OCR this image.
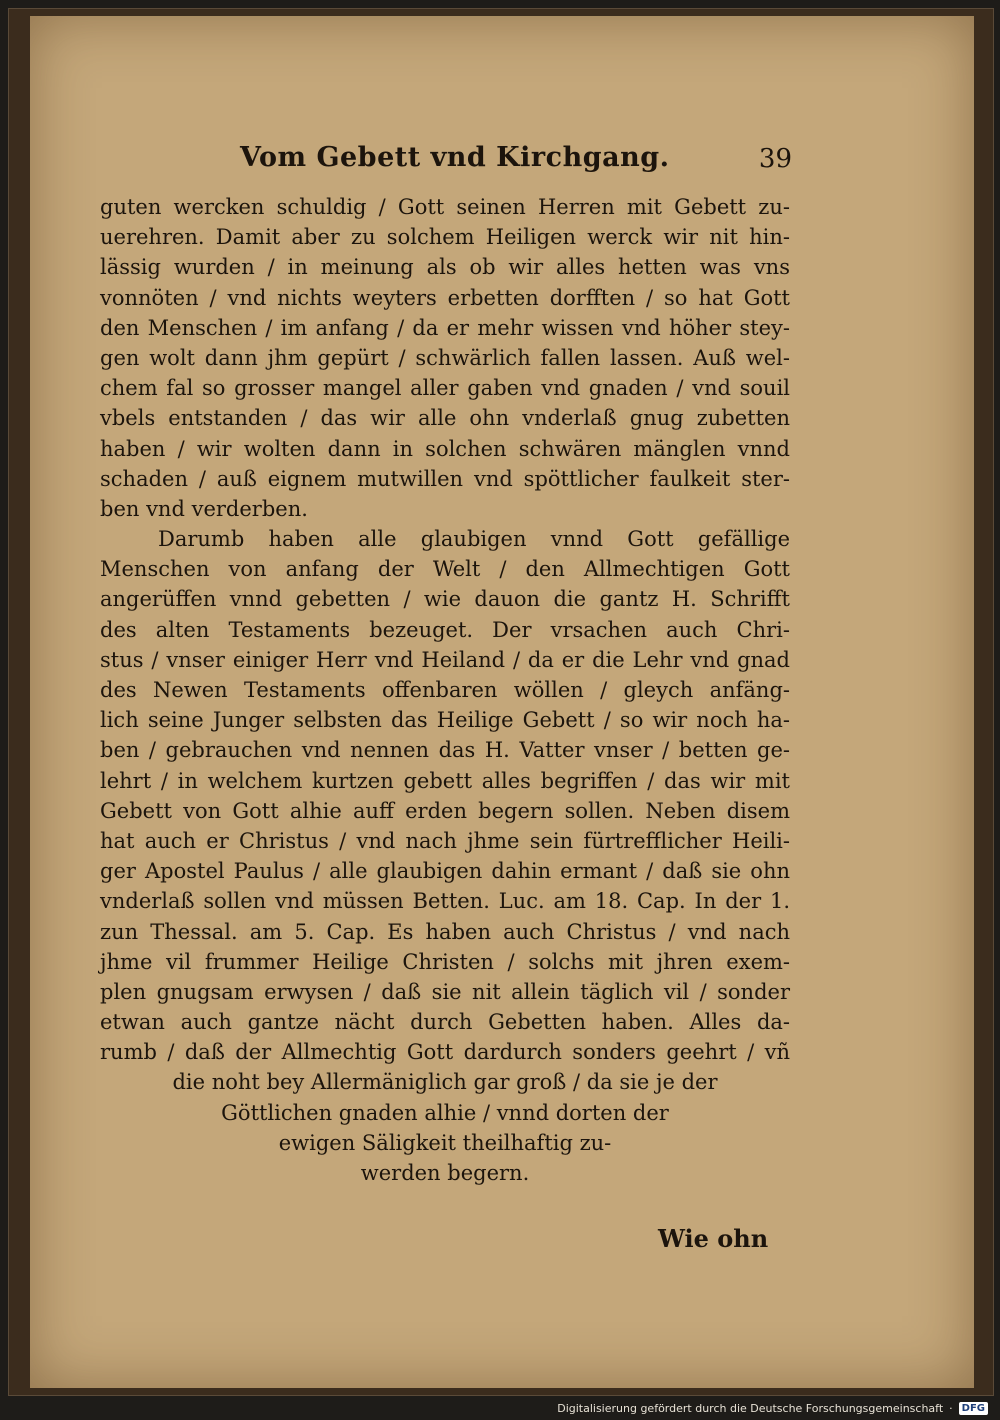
Vom Gebett vnd Kirchgang.	39
guten wercken schuldig / Gott seinen Herren mit Gebett zu-
uerehren. Damit aber zu solchem Heiligen werck wir nit hin-
lässig wurden / in meinung als ob wir alles hetten was vns
vonnöten / vnd nichts weyters erbetten dorfften / so hat Gott
den Menschen / im anfang / da er mehr wissen vnd höher stey-
gen wolt dann jhm gepürt / schwärlich fallen lassen. Auß wel-
chem fal so grosser mangel aller gaben vnd gnaden / vnd souil
vbels entstanden / das wir alle ohn vnderlaß gnug zubetten
haben / wir wolten dann in solchen schwären mänglen vnnd
schaden / auß eignem mutwillen vnd spöttlicher faulkeit ster-
ben vnd verderben.
Darumb haben alle glaubigen vnnd Gott gefällige
Menschen von anfang der Welt / den Allmechtigen Gott
angerüffen vnnd gebetten / wie dauon die gantz H. Schrifft
des alten Testaments bezeuget. Der vrsachen auch Chri-
stus / vnser einiger Herr vnd Heiland / da er die Lehr vnd gnad
des Newen Testaments offenbaren wöllen / gleych anfäng-
lich seine Junger selbsten das Heilige Gebett / so wir noch ha-
ben / gebrauchen vnd nennen das H. Vatter vnser / betten ge-
lehrt / in welchem kurtzen gebett alles begriffen / das wir mit
Gebett von Gott alhie auff erden begern sollen. Neben disem
hat auch er Christus / vnd nach jhme sein fürtrefflicher Heili-
ger Apostel Paulus / alle glaubigen dahin ermant / daß sie ohn
vnderlaß sollen vnd müssen Betten. Luc. am 18. Cap. In der 1.
zun Thessal. am 5. Cap. Es haben auch Christus / vnd nach
jhme vil frummer Heilige Christen / solchs mit jhren exem-
plen gnugsam erwysen / daß sie nit allein täglich vil / sonder
etwan auch gantze nächt durch Gebetten haben. Alles da-
rumb / daß der Allmechtig Gott dardurch sonders geehrt / vñ
die noht bey Allermäniglich gar groß / da sie je der
Göttlichen gnaden alhie / vnnd dorten der
ewigen Säligkeit theilhaftig zu-
werden begern.
Wie ohn
Digitalisierung gefördert durch die Deutsche Forschungsgemeinschaft · DFG
